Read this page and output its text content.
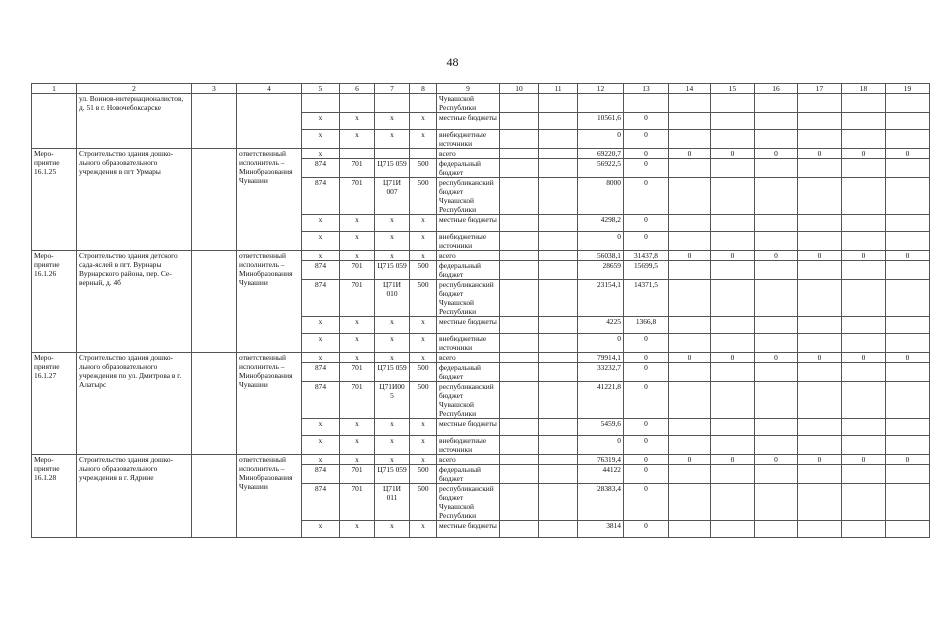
48
1	2	3	4	5	6	7	8	9	10	11	12	13	14	15	16	17	18	19
	ул. Воинов-интернационалистов, д. 51 в г. Новочебоксарске							Чувашской Республики										
				х	х	х	х	местные бюджеты			10561,6	0						
				х	х	х	х	внебюджетные источники			0	0						
Мероприятие 16.1.25	Строительство здания дошкольного образовательного учреждения в пгт Урмары		ответственный исполнитель – Минобразования Чувашии	х				всего			69220,7	0	0	0	0	0	0	0
				874	701	Ц715 059	500	федеральный бюджет			56922,5	0						
				874	701	Ц71И 007	500	республиканский бюджет Чувашской Республики			8000	0						
				х	х	х	х	местные бюджеты			4298,2	0						
				х	х	х	х	внебюджетные источники			0	0						
Мероприятие 16.1.26	Строительство здания детского сада-яслей в пгт. Вурнары Вурнарского района, пер. Северный, д. 4б		ответственный исполнитель – Минобразования Чувашии	х	х	х	х	всего			56038,1	31437,8	0	0	0	0	0	0
				874	701	Ц715 059	500	федеральный бюджет			28659	15699,5						
				874	701	Ц71И 010	500	республиканский бюджет Чувашской Республики			23154,1	14371,5						
				х	х	х	х	местные бюджеты			4225	1366,8						
				х	х	х	х	внебюджетные источники			0	0						
Мероприятие 16.1.27	Строительство здания дошкольного образовательного учреждения по ул. Дмитрова в г. Алатырс		ответственный исполнитель – Минобразования Чувашии	х	х	х	х	всего			79914,1	0	0	0	0	0	0	0
				874	701	Ц715 059	500	федеральный бюджет			33232,7	0						
				874	701	Ц71И00 5	500	республиканский бюджет Чувашской Республики			41221,8	0						
				х	х	х	х	местные бюджеты			5459,6	0						
				х	х	х	х	внебюджетные источники			0	0						
Мероприятие 16.1.28	Строительство здания дошкольного образовательного учреждения в г. Ядрине		ответственный исполнитель – Минобразования Чувашии	х	х	х	х	всего			76319,4	0	0	0	0	0	0	0
				874	701	Ц715 059	500	федеральный бюджет			44122	0						
				874	701	Ц71И 011	500	республиканский бюджет Чувашской Республики			28383,4	0						
				х	х	х	х	местные бюджеты			3814	0						
